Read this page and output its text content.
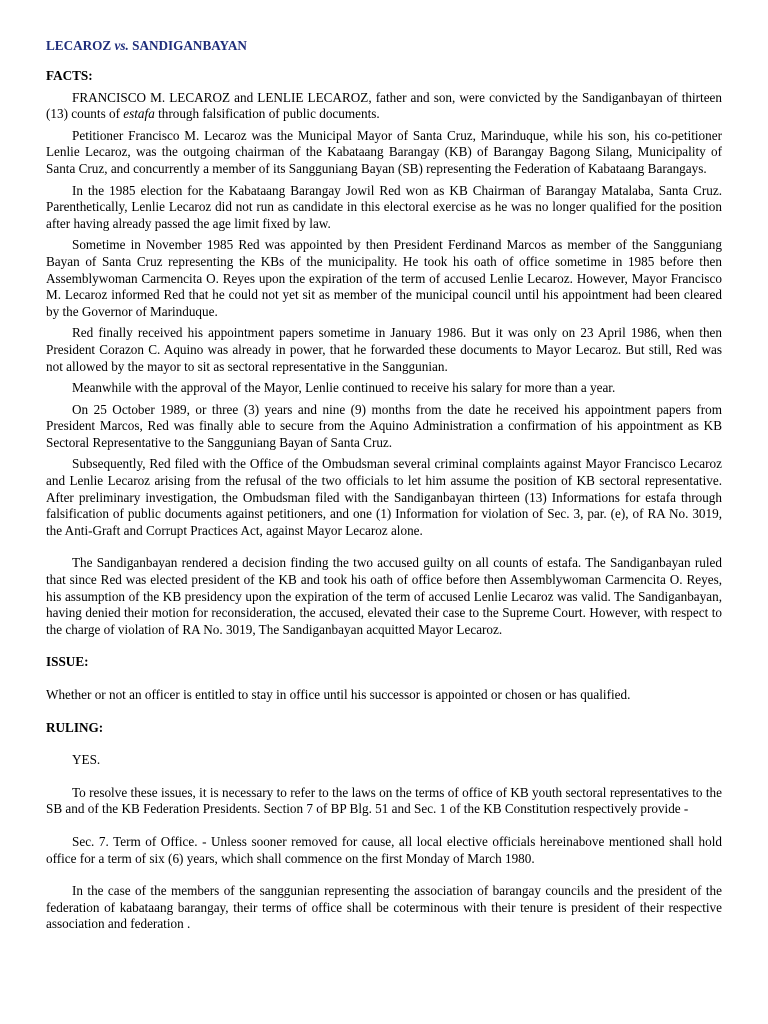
LECAROZ vs. SANDIGANBAYAN
FACTS:

FRANCISCO M. LECAROZ and LENLIE LECAROZ, father and son, were convicted by the Sandiganbayan of thirteen (13) counts of estafa through falsification of public documents.

Petitioner Francisco M. Lecaroz was the Municipal Mayor of Santa Cruz, Marinduque, while his son, his co-petitioner Lenlie Lecaroz, was the outgoing chairman of the Kabataang Barangay (KB) of Barangay Bagong Silang, Municipality of Santa Cruz, and concurrently a member of its Sangguniang Bayan (SB) representing the Federation of Kabataang Barangays.

In the 1985 election for the Kabataang Barangay Jowil Red won as KB Chairman of Barangay Matalaba, Santa Cruz. Parenthetically, Lenlie Lecaroz did not run as candidate in this electoral exercise as he was no longer qualified for the position after having already passed the age limit fixed by law.

Sometime in November 1985 Red was appointed by then President Ferdinand Marcos as member of the Sangguniang Bayan of Santa Cruz representing the KBs of the municipality. He took his oath of office sometime in 1985 before then Assemblywoman Carmencita O. Reyes upon the expiration of the term of accused Lenlie Lecaroz. However, Mayor Francisco M. Lecaroz informed Red that he could not yet sit as member of the municipal council until his appointment had been cleared by the Governor of Marinduque.

Red finally received his appointment papers sometime in January 1986. But it was only on 23 April 1986, when then President Corazon C. Aquino was already in power, that he forwarded these documents to Mayor Lecaroz. But still, Red was not allowed by the mayor to sit as sectoral representative in the Sanggunian.

Meanwhile with the approval of the Mayor, Lenlie continued to receive his salary for more than a year.

On 25 October 1989, or three (3) years and nine (9) months from the date he received his appointment papers from President Marcos, Red was finally able to secure from the Aquino Administration a confirmation of his appointment as KB Sectoral Representative to the Sangguniang Bayan of Santa Cruz.

Subsequently, Red filed with the Office of the Ombudsman several criminal complaints against Mayor Francisco Lecaroz and Lenlie Lecaroz arising from the refusal of the two officials to let him assume the position of KB sectoral representative. After preliminary investigation, the Ombudsman filed with the Sandiganbayan thirteen (13) Informations for estafa through falsification of public documents against petitioners, and one (1) Information for violation of Sec. 3, par. (e), of RA No. 3019, the Anti-Graft and Corrupt Practices Act, against Mayor Lecaroz alone.

The Sandiganbayan rendered a decision finding the two accused guilty on all counts of estafa. The Sandiganbayan ruled that since Red was elected president of the KB and took his oath of office before then Assemblywoman Carmencita O. Reyes, his assumption of the KB presidency upon the expiration of the term of accused Lenlie Lecaroz was valid. The Sandiganbayan, having denied their motion for reconsideration, the accused, elevated their case to the Supreme Court. However, with respect to the charge of violation of RA No. 3019, The Sandiganbayan acquitted Mayor Lecaroz.

ISSUE:

Whether or not an officer is entitled to stay in office until his successor is appointed or chosen or has qualified.

RULING:

YES.

To resolve these issues, it is necessary to refer to the laws on the terms of office of KB youth sectoral representatives to the SB and of the KB Federation Presidents. Section 7 of BP Blg. 51 and Sec. 1 of the KB Constitution respectively provide -

Sec. 7. Term of Office. - Unless sooner removed for cause, all local elective officials hereinabove mentioned shall hold office for a term of six (6) years, which shall commence on the first Monday of March 1980.

In the case of the members of the sanggunian representing the association of barangay councils and the president of the federation of kabataang barangay, their terms of office shall be coterminous with their tenure is president of their respective association and federation .
